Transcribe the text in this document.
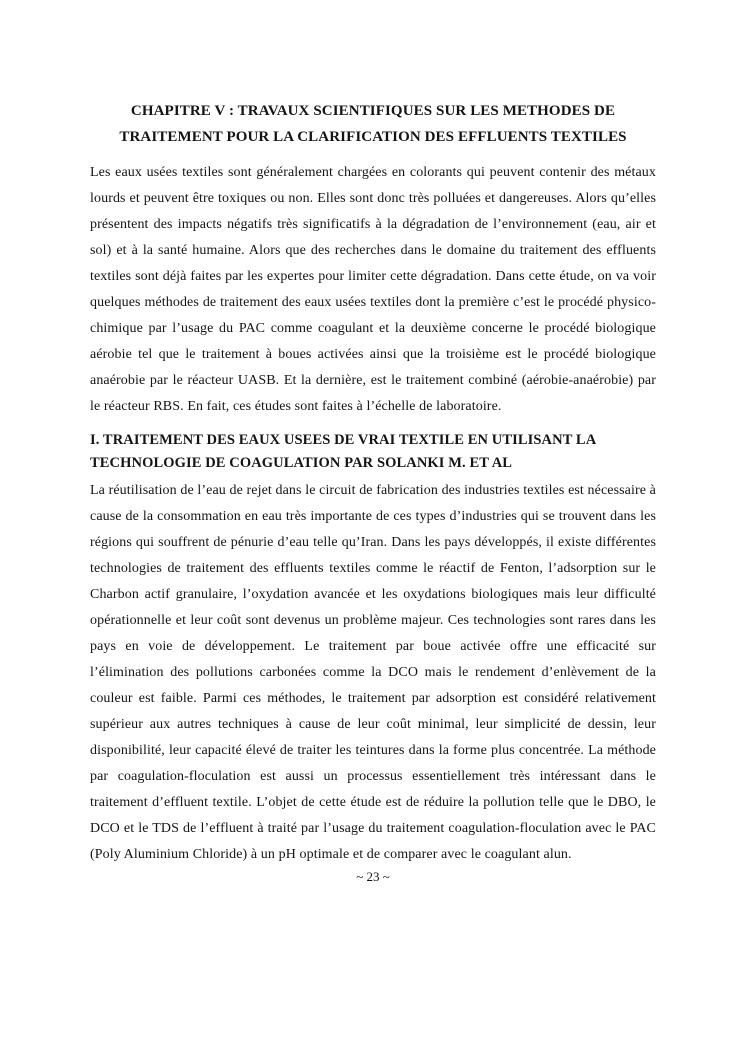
CHAPITRE V : TRAVAUX SCIENTIFIQUES SUR LES METHODES DE TRAITEMENT POUR LA CLARIFICATION DES EFFLUENTS TEXTILES

Les eaux usées textiles sont généralement chargées en colorants qui peuvent contenir des métaux lourds et peuvent être toxiques ou non. Elles sont donc très polluées et dangereuses. Alors qu’elles présentent des impacts négatifs très significatifs à la dégradation de l’environnement (eau, air et sol) et à la santé humaine. Alors que des recherches dans le domaine du traitement des effluents textiles sont déjà faites par les expertes pour limiter cette dégradation. Dans cette étude, on va voir quelques méthodes de traitement des eaux usées textiles dont la première c’est le procédé physico-chimique par l’usage du PAC comme coagulant et la deuxième concerne le procédé biologique aérobie tel que le traitement à boues activées ainsi que la troisième est le procédé biologique anaérobie par le réacteur UASB. Et la dernière, est le traitement combiné (aérobie-anaérobie) par le réacteur RBS. En fait, ces études sont faites à l’échelle de laboratoire.

I. TRAITEMENT DES EAUX USEES DE VRAI TEXTILE EN UTILISANT LA TECHNOLOGIE DE COAGULATION PAR SOLANKI M. ET AL

La réutilisation de l’eau de rejet dans le circuit de fabrication des industries textiles est nécessaire à cause de la consommation en eau très importante de ces types d’industries qui se trouvent dans les régions qui souffrent de pénurie d’eau telle qu’Iran. Dans les pays développés, il existe différentes technologies de traitement des effluents textiles comme le réactif de Fenton, l’adsorption sur le Charbon actif granulaire, l’oxydation avancée et les oxydations biologiques mais leur difficulté opérationnelle et leur coût sont devenus un problème majeur. Ces technologies sont rares dans les pays en voie de développement. Le traitement par boue activée offre une efficacité sur l’élimination des pollutions carbonées comme la DCO mais le rendement d’enlèvement de la couleur est faible. Parmi ces méthodes, le traitement par adsorption est considéré relativement supérieur aux autres techniques à cause de leur coût minimal, leur simplicité de dessin, leur disponibilité, leur capacité élevé de traiter les teintures dans la forme plus concentrée. La méthode par coagulation-floculation est aussi un processus essentiellement très intéressant dans le traitement d’effluent textile. L’objet de cette étude est de réduire la pollution telle que le DBO, le DCO et le TDS de l’effluent à traité par l’usage du traitement coagulation-floculation avec le PAC (Poly Aluminium Chloride) à un pH optimale et de comparer avec le coagulant alun.

~ 23 ~
